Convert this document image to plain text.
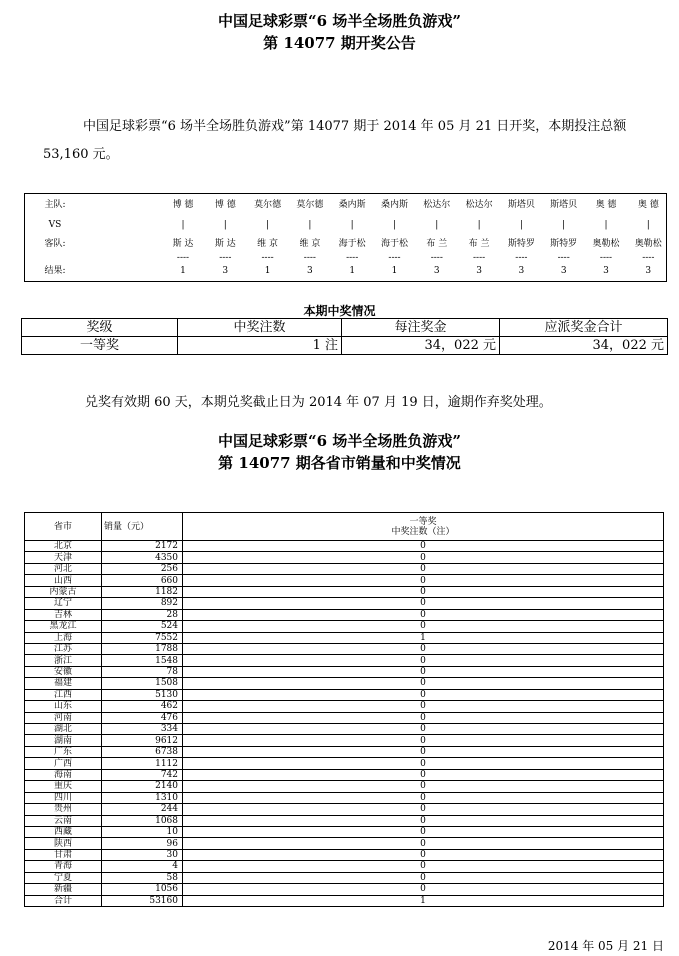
中国足球彩票“6 场半全场胜负游戏”
第 14077 期开奖公告
中国足球彩票“6 场半全场胜负游戏”第 14077 期于 2014 年 05 月 21 日开奖，本期投注总额 53,160 元。
主队:	博 德	博 德	莫尔德	莫尔德	桑内斯	桑内斯	松达尔	松达尔	斯塔贝	斯塔贝	奥 德	奥 德
VS	|	|	|	|	|	|	|	|	|	|	|	|
客队:	斯 达	斯 达	维 京	维 京	海于松	海于松	布 兰	布 兰	斯特罗	斯特罗	奥勒松	奥勒松
----	----	----	----	----	----	----	----	----	----	----	----
结果:	1	3	1	3	1	1	3	3	3	3	3	3
本期中奖情况
奖级	中奖注数	每注奖金	应派奖金合计
一等奖	1 注	34，022 元	34，022 元
兑奖有效期 60 天，本期兑奖截止日为 2014 年 07 月 19 日，逾期作弃奖处理。
中国足球彩票“6 场半全场胜负游戏”
第 14077 期各省市销量和中奖情况
省市	销量（元）	一等奖
中奖注数（注）

北京	2172	0
天津	4350	0
河北	256	0
山西	660	0
内蒙古	1182	0
辽宁	892	0
吉林	28	0
黑龙江	524	0
上海	7552	1
江苏	1788	0
浙江	1548	0
安徽	78	0
福建	1508	0
江西	5130	0
山东	462	0
河南	476	0
湖北	334	0
湖南	9612	0
广东	6738	0
广西	1112	0
海南	742	0
重庆	2140	0
四川	1310	0
贵州	244	0
云南	1068	0
西藏	10	0
陕西	96	0
甘肃	30	0
青海	4	0
宁夏	58	0
新疆	1056	0
合计	53160	1
2014 年 05 月 21 日
